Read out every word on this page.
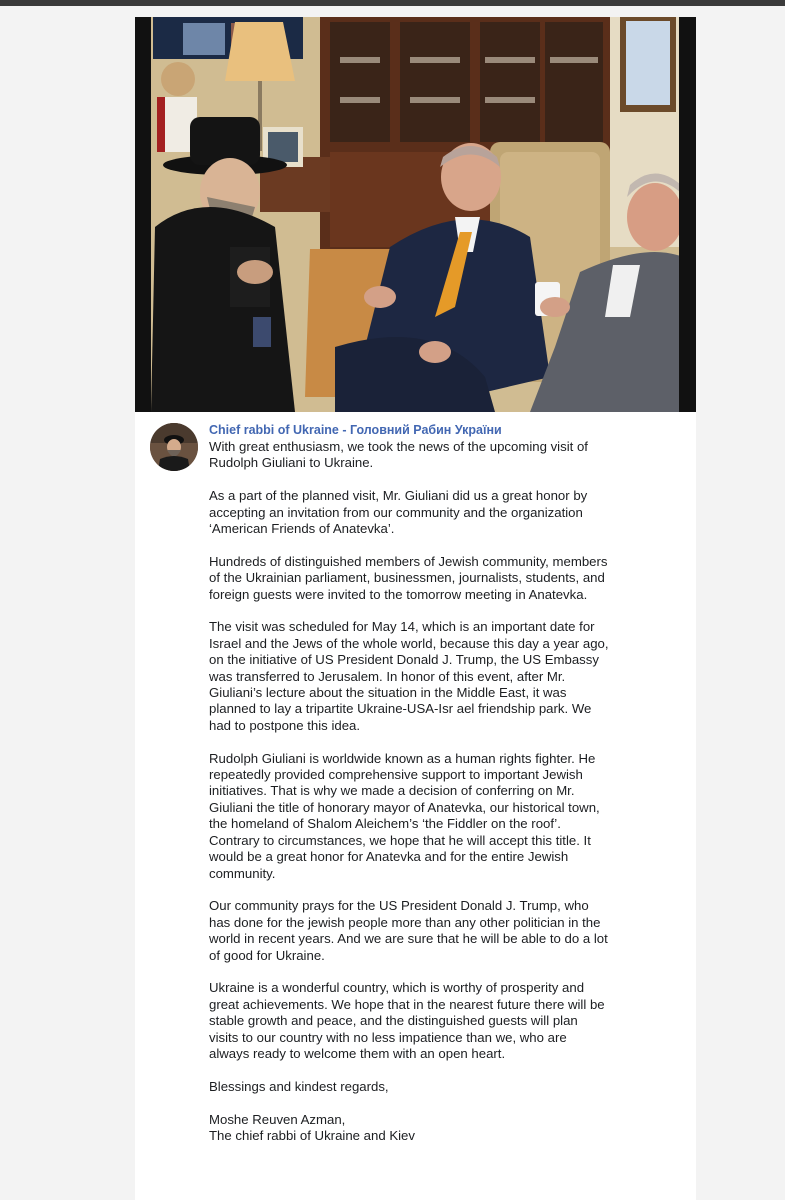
Chief rabbi of Ukraine - Головний Рабин України

With great enthusiasm, we took the news of the upcoming visit of Rudolph Giuliani to Ukraine.

As a part of the planned visit, Mr. Giuliani did us a great honor by accepting an invitation from our community and the organization ‘American Friends of Anatevka’.

Hundreds of distinguished members of Jewish community, members of the Ukrainian parliament, businessmen, journalists, students, and foreign guests were invited to the tomorrow meeting in Anatevka.

The visit was scheduled for May 14, which is an important date for Israel and the Jews of the whole world, because this day a year ago, on the initiative of US President Donald J. Trump, the US Embassy was transferred to Jerusalem. In honor of this event, after Mr. Giuliani’s lecture about the situation in the Middle East, it was planned to lay a tripartite Ukraine-USA-Isr ael friendship park. We had to postpone this idea.

Rudolph Giuliani is worldwide known as a human rights fighter. He repeatedly provided comprehensive support to important Jewish initiatives. That is why we made a decision of conferring on Mr. Giuliani the title of honorary mayor of Anatevka, our historical town, the homeland of Shalom Aleichem’s ‘the Fiddler on the roof’. Contrary to circumstances, we hope that he will accept this title. It would be a great honor for Anatevka and for the entire Jewish community.

Our community prays for the US President Donald J. Trump, who has done for the jewish people more than any other politician in the world in recent years. And we are sure that he will be able to do a lot of good for Ukraine.

Ukraine is a wonderful country, which is worthy of prosperity and great achievements. We hope that in the nearest future there will be stable growth and peace, and the distinguished guests will plan visits to our country with no less impatience than we, who are always ready to welcome them with an open heart.

Blessings and kindest regards,

Moshe Reuven Azman,
The chief rabbi of Ukraine and Kiev
